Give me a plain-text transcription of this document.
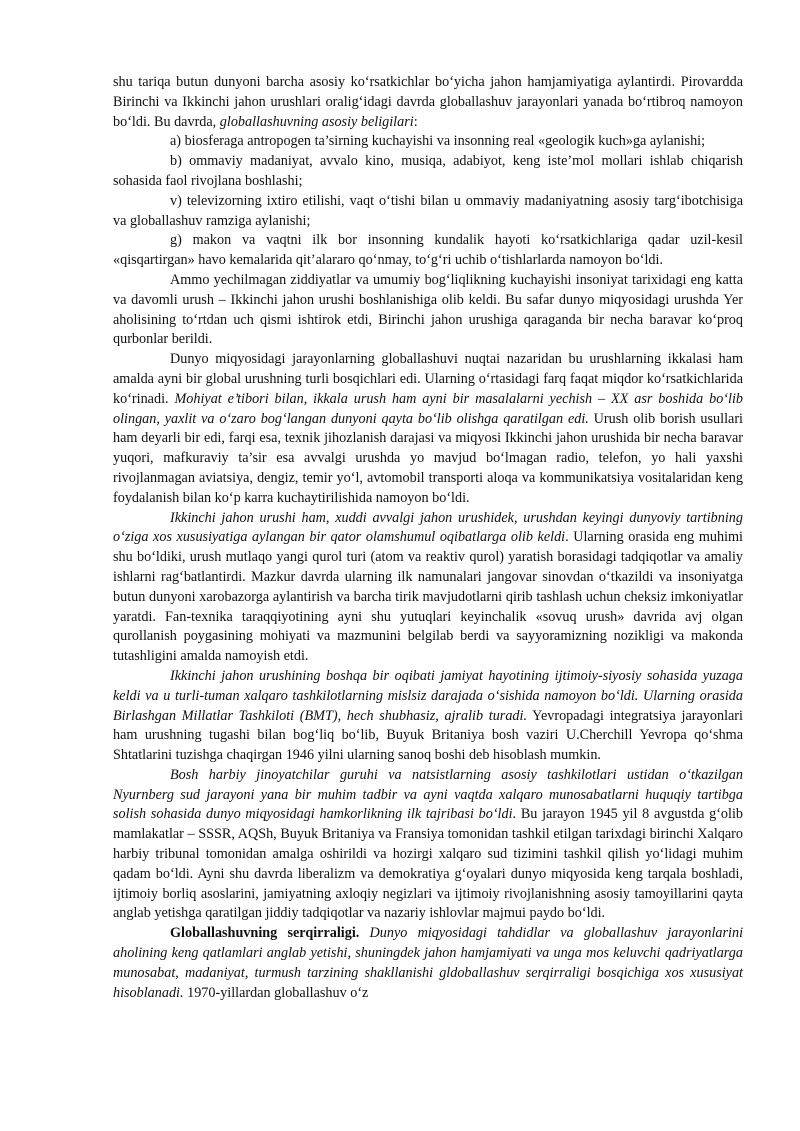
shu tariqa butun dunyoni barcha asosiy koʻrsatkichlar boʻyicha jahon hamjamiyatiga aylantirdi. Pirovardda Birinchi va Ikkinchi jahon urushlari oraligʻidagi davrda globallashuv jarayonlari yanada boʻrtibroq namoyon boʻldi. Bu davrda, globallashuvning asosiy beligilari:

a) biosferaga antropogen ta’sirning kuchayishi va insonning real «geologik kuch»ga aylanishi;

b) ommaviy madaniyat, avvalo kino, musiqa, adabiyot, keng iste’mol mollari ishlab chiqarish sohasida faol rivojlana boshlashi;

v) televizorning ixtiro etilishi, vaqt oʻtishi bilan u ommaviy madaniyatning asosiy targʻibotchisiga va globallashuv ramziga aylanishi;

g) makon va vaqtni ilk bor insonning kundalik hayoti koʻrsatkichlariga qadar uzil-kesil «qisqartirgan» havo kemalarida qit’alararo qoʻnmay, toʻgʻri uchib oʻtishlarlarda namoyon boʻldi.

Ammo yechilmagan ziddiyatlar va umumiy bogʻliqlikning kuchayishi insoniyat tarixidagi eng katta va davomli urush – Ikkinchi jahon urushi boshlanishiga olib keldi. Bu safar dunyo miqyosidagi urushda Yer aholisining toʻrtdan uch qismi ishtirok etdi, Birinchi jahon urushiga qaraganda bir necha baravar koʻproq qurbonlar berildi.

Dunyo miqyosidagi jarayonlarning globallashuvi nuqtai nazaridan bu urushlarning ikkalasi ham amalda ayni bir global urushning turli bosqichlari edi. Ularning oʻrtasidagi farq faqat miqdor koʻrsatkichlarida koʻrinadi. Mohiyat e’tibori bilan, ikkala urush ham ayni bir masalalarni yechish – XX asr boshida boʻlib olingan, yaxlit va oʻzaro bogʻlangan dunyoni qayta boʻlib olishga qaratilgan edi. Urush olib borish usullari ham deyarli bir edi, farqi esa, texnik jihozlanish darajasi va miqyosi Ikkinchi jahon urushida bir necha baravar yuqori, mafkuraviy ta’sir esa avvalgi urushda yo mavjud boʻlmagan radio, telefon, yo hali yaxshi rivojlanmagan aviatsiya, dengiz, temir yoʻl, avtomobil transporti aloqa va kommunikatsiya vositalaridan keng foydalanish bilan koʻp karra kuchaytirilishida namoyon boʻldi.

Ikkinchi jahon urushi ham, xuddi avvalgi jahon urushidek, urushdan keyingi dunyoviy tartibning oʻziga xos xususiyatiga aylangan bir qator olamshumul oqibatlarga olib keldi. Ularning orasida eng muhimi shu boʻldiki, urush mutlaqo yangi qurol turi (atom va reaktiv qurol) yaratish borasidagi tadqiqotlar va amaliy ishlarni ragʻbatlantirdi. Mazkur davrda ularning ilk namunalari jangovar sinovdan oʻtkazildi va insoniyatga butun dunyoni xarobazorga aylantirish va barcha tirik mavjudotlarni qirib tashlash uchun cheksiz imkoniyatlar yaratdi. Fan-texnika taraqqiyotining ayni shu yutuqlari keyinchalik «sovuq urush» davrida avj olgan qurollanish poygasining mohiyati va mazmunini belgilab berdi va sayyoramizning nozikligi va makonda tutashligini amalda namoyish etdi.

Ikkinchi jahon urushining boshqa bir oqibati jamiyat hayotining ijtimoiy-siyosiy sohasida yuzaga keldi va u turli-tuman xalqaro tashkilotlarning mislsiz darajada oʻsishida namoyon boʻldi. Ularning orasida Birlashgan Millatlar Tashkiloti (BMT), hech shubhasiz, ajralib turadi. Yevropadagi integratsiya jarayonlari ham urushning tugashi bilan bogʻliq boʻlib, Buyuk Britaniya bosh vaziri U.Cherchill Yevropa qoʻshma Shtatlarini tuzishga chaqirgan 1946 yilni ularning sanoq boshi deb hisoblash mumkin.

Bosh harbiy jinoyatchilar guruhi va natsistlarning asosiy tashkilotlari ustidan oʻtkazilgan Nyurnberg sud jarayoni yana bir muhim tadbir va ayni vaqtda xalqaro munosabatlarni huquqiy tartibga solish sohasida dunyo miqyosidagi hamkorlikning ilk tajribasi boʻldi. Bu jarayon 1945 yil 8 avgustda gʻolib mamlakatlar – SSSR, AQSh, Buyuk Britaniya va Fransiya tomonidan tashkil etilgan tarixdagi birinchi Xalqaro harbiy tribunal tomonidan amalga oshirildi va hozirgi xalqaro sud tizimini tashkil qilish yoʻlidagi muhim qadam boʻldi. Ayni shu davrda liberalizm va demokratiya gʻoyalari dunyo miqyosida keng tarqala boshladi, ijtimoiy borliq asoslarini, jamiyatning axloqiy negizlari va ijtimoiy rivojlanishning asosiy tamoyillarini qayta anglab yetishga qaratilgan jiddiy tadqiqotlar va nazariy ishlovlar majmui paydo boʻldi.

Globallashuvning serqirraligi. Dunyo miqyosidagi tahdidlar va globallashuv jarayonlarini aholining keng qatlamlari anglab yetishi, shuningdek jahon hamjamiyati va unga mos keluvchi qadriyatlarga munosabat, madaniyat, turmush tarzining shakllanishi gldoballashuv serqirraligi bosqichiga xos xususiyat hisoblanadi. 1970-yillardan globallashuv oʻz
